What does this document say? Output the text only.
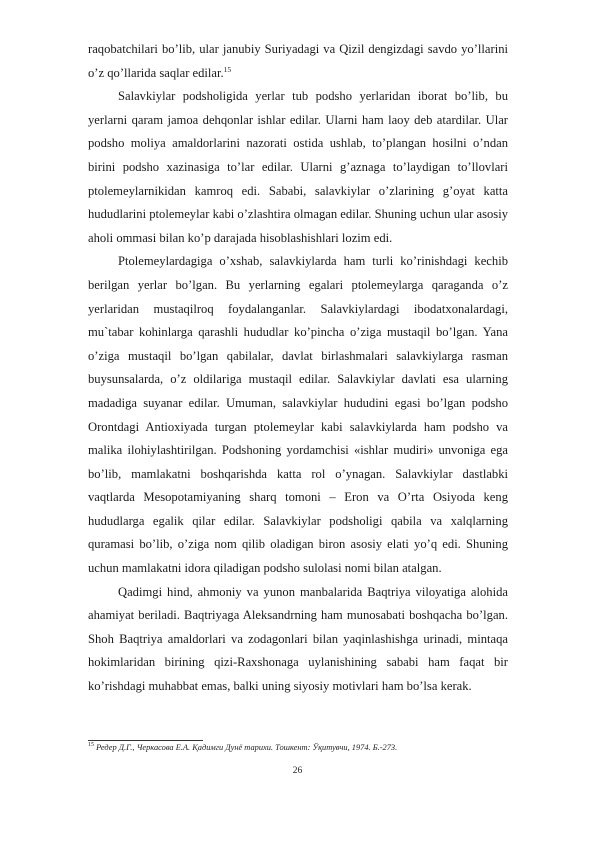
raqobatchilari bo’lib, ular janubiy Suriyadagi va Qizil dengizdagi savdo yo’llarini o’z qo’llarida saqlar edilar.$^{15}$

Salavkiylar podsholigida yerlar tub podsho yerlaridan iborat bo’lib, bu yerlarni qaram jamoa dehqonlar ishlar edilar. Ularni ham laoy deb atardilar. Ular podsho moliya amaldorlarini nazorati ostida ushlab, to’plangan hosilni o’ndan birini podsho xazinasiga to’lar edilar. Ularni g’aznaga to’laydigan to’llovlari ptolemeylarnikidan kamroq edi. Sababi, salavkiylar o’zlarining g’oyat katta hududlarini ptolemeylar kabi o’zlashtira olmagan edilar. Shuning uchun ular asosiy aholi ommasi bilan ko’p darajada hisoblashishlari lozim edi.

Ptolemeylardagiga o’xshab, salavkiylarda ham turli ko’rinishdagi kechib berilgan yerlar bo’lgan. Bu yerlarning egalari ptolemeylarga qaraganda o’z yerlaridan mustaqilroq foydalanganlar. Salavkiylardagi ibodatxonalardagi, mu`tabar kohinlarga qarashli hududlar ko’pincha o’ziga mustaqil bo’lgan. Yana o’ziga mustaqil bo’lgan qabilalar, davlat birlashmalari salavkiylarga rasman buysunsalarda, o’z oldilariga mustaqil edilar. Salavkiylar davlati esa ularning madadiga suyanar edilar. Umuman, salavkiylar hududini egasi bo’lgan podsho Orontdagi Antioxiyada turgan ptolemeylar kabi salavkiylarda ham podsho va malika ilohiylashtirilgan. Podshoning yordamchisi «ishlar mudiri» unvoniga ega bo’lib, mamlakatni boshqarishda katta rol o’ynagan. Salavkiylar dastlabki vaqtlarda Mesopotamiyaning sharq tomoni – Eron va O’rta Osiyoda keng hududlarga egalik qilar edilar. Salavkiylar podsholigi qabila va xalqlarning quramasi bo’lib, o’ziga nom qilib oladigan biron asosiy elati yo’q edi. Shuning uchun mamlakatni idora qiladigan podsho sulolasi nomi bilan atalgan.

Qadimgi hind, ahmoniy va yunon manbalarida Baqtriya viloyatiga alohida ahamiyat beriladi. Baqtriyaga Aleksandrning ham munosabati boshqacha bo’lgan. Shoh Baqtriya amaldorlari va zodagonlari bilan yaqinlashishga urinadi, mintaqa hokimlaridan birining qizi-Raxshonaga uylanishining sababi ham faqat bir ko’rishdagi muhabbat emas, balki uning siyosiy motivlari ham bo’lsa kerak.

$^{15}$ Редер Д.Г., Черкасова Е.А. Қадимги Дунё тарихи. Тошкент: Ўқитувчи, 1974. Б.-273.
26
